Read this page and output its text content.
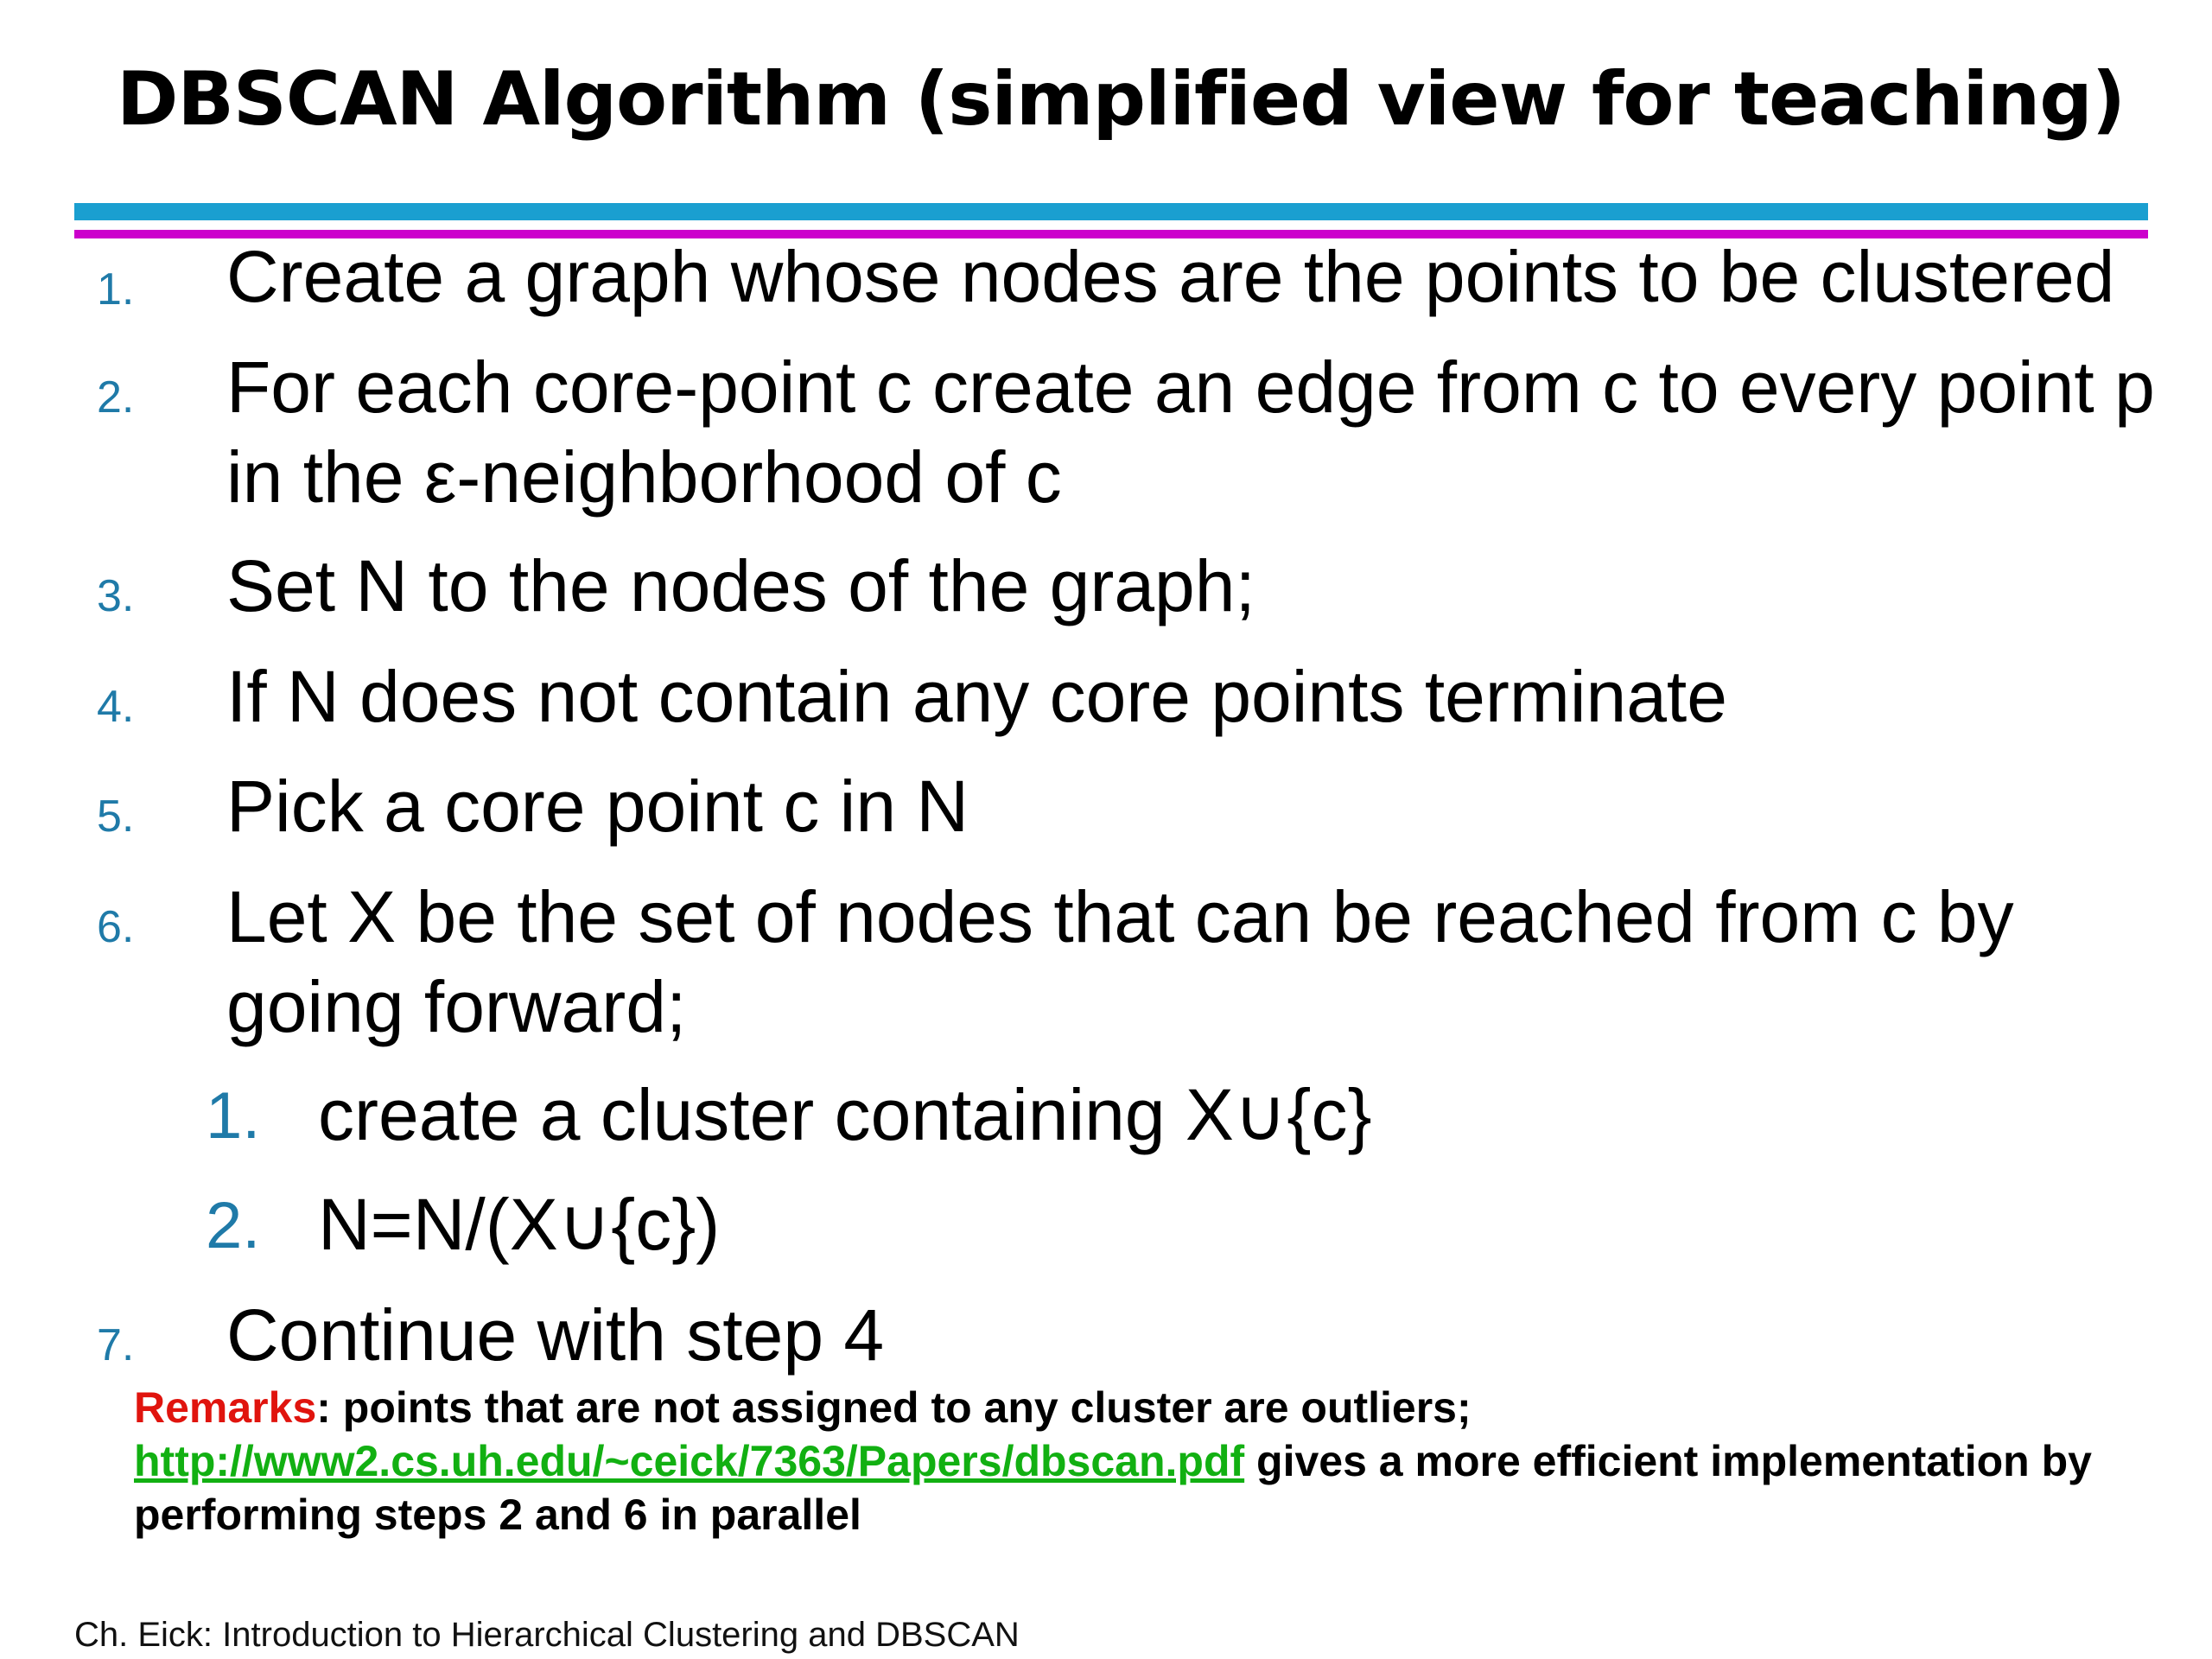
DBSCAN Algorithm (simplified view for teaching)
1. Create a graph whose nodes are the points to be clustered
2. For each core-point c create an edge from c to every point p
in the ε-neighborhood of c
3. Set N to the nodes of the graph;
4. If N does not contain any core points terminate
5. Pick a core point c in N
6. Let X be the set of nodes that can be reached from c by
going forward;
1. create a cluster containing X∪{c}
2. N=N/(X∪{c})
7. Continue with step 4
Remarks: points that are not assigned to any cluster are outliers;
http://www2.cs.uh.edu/~ceick/7363/Papers/dbscan.pdf gives a more efficient implementation by performing steps 2 and 6 in parallel
Ch. Eick: Introduction to Hierarchical Clustering and DBSCAN
